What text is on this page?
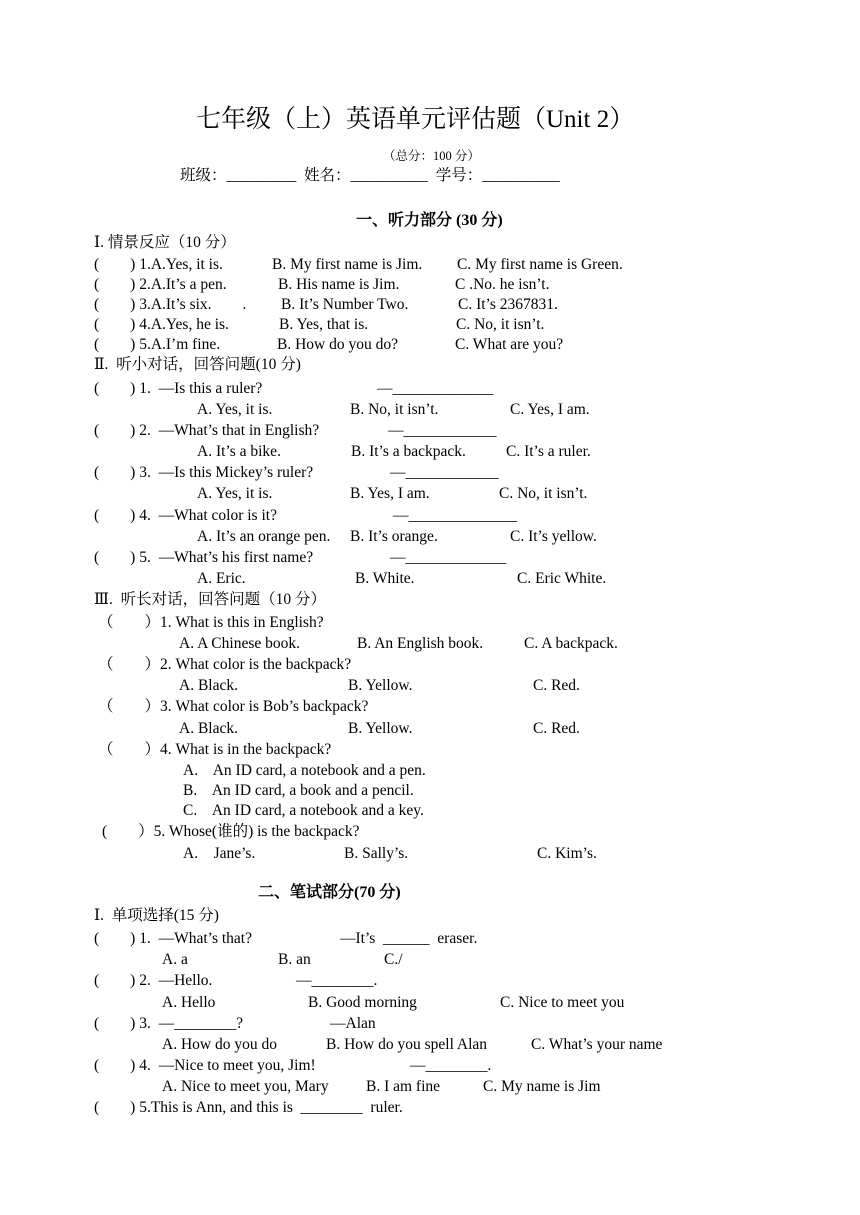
七年级（上）英语单元评估题（Unit 2）
（总分：100 分）
班级：_________  姓名：__________  学号：__________
一、听力部分 (30 分)
Ⅰ. 情景反应（10 分）
(        ) 1.A.Yes, it is.	B. My first name is Jim. C. My first name is Green.
(        ) 2.A.It’s a pen.	B. His name is Jim.	C .No. he isn’t.
(        ) 3.A.It’s six.        . B. It’s Number Two.	C. It’s 2367831.
(        ) 4.A.Yes, he is.	B. Yes, that is.	C. No, it isn’t.
(        ) 5.A.I’m fine.	B. How do you do?	C. What are you?
Ⅱ.  听小对话，回答问题(10 分)
(        ) 1.  —Is this a ruler?	—_____________
A. Yes, it is.	B. No, it isn’t.	C. Yes, I am.
(        ) 2.  —What’s that in English?	—____________
A. It’s a bike.	B. It’s a backpack.	C. It’s a ruler.
(        ) 3.  —Is this Mickey’s ruler?	—____________
A. Yes, it is.	B. Yes, I am.	C. No, it isn’t.
(        ) 4.  —What color is it?	—______________
A. It’s an orange pen. B. It’s orange.	C. It’s yellow.
(        ) 5.  —What’s his first name?	—_____________
A. Eric.	B. White.	C. Eric White.
Ⅲ.  听长对话，回答问题（10 分）
（        ）1. What is this in English?
A. A Chinese book.	B. An English book.	C. A backpack.
（        ）2. What color is the backpack?
A. Black.	B. Yellow.	C. Red.
（        ）3. What color is Bob’s backpack?
A. Black.	B. Yellow.	C. Red.
（        ）4. What is in the backpack?
A.    An ID card, a notebook and a pen.
B.    An ID card, a book and a pencil.
C.    An ID card, a notebook and a key.
(        ）5. Whose(谁的) is the backpack?
A.    Jane’s.	B. Sally’s.	C. Kim’s.
二、笔试部分(70 分)
Ⅰ.  单项选择(15 分)
(        ) 1.  —What’s that?	—It’s  ______  eraser.
A. a	B. an	C./
(        ) 2.  —Hello.	—________.
A. Hello	B. Good morning	C. Nice to meet you
(        ) 3.  —________?	—Alan
A. How do you do	B. How do you spell Alan	C. What’s your name
(        ) 4.  —Nice to meet you, Jim!	—________.
A. Nice to meet you, Mary B. I am fine	C. My name is Jim
(        ) 5.This is Ann, and this is  ________  ruler.
